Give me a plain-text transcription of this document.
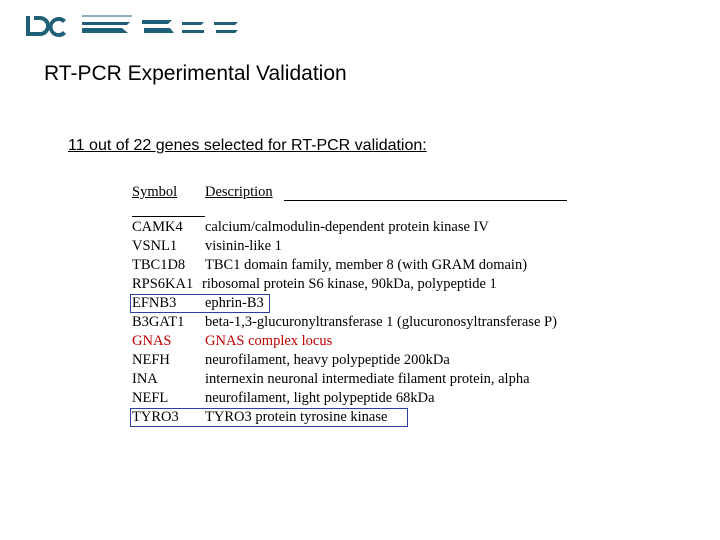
RT-PCR Experimental Validation
11 out of 22 genes selected for RT-PCR validation:
Symbol Description
CAMK4 calcium/calmodulin-dependent protein kinase IV
VSNL1 visinin-like 1
TBC1D8 TBC1 domain family, member 8 (with GRAM domain)
RPS6KA1 ribosomal protein S6 kinase, 90kDa, polypeptide 1
EFNB3 ephrin-B3
B3GAT1 beta-1,3-glucuronyltransferase 1 (glucuronosyltransferase P)
GNAS GNAS complex locus
NEFH neurofilament, heavy polypeptide 200kDa
INA	internexin neuronal intermediate filament protein, alpha
NEFL	neurofilament, light polypeptide 68kDa
TYRO3 TYRO3 protein tyrosine kinase
